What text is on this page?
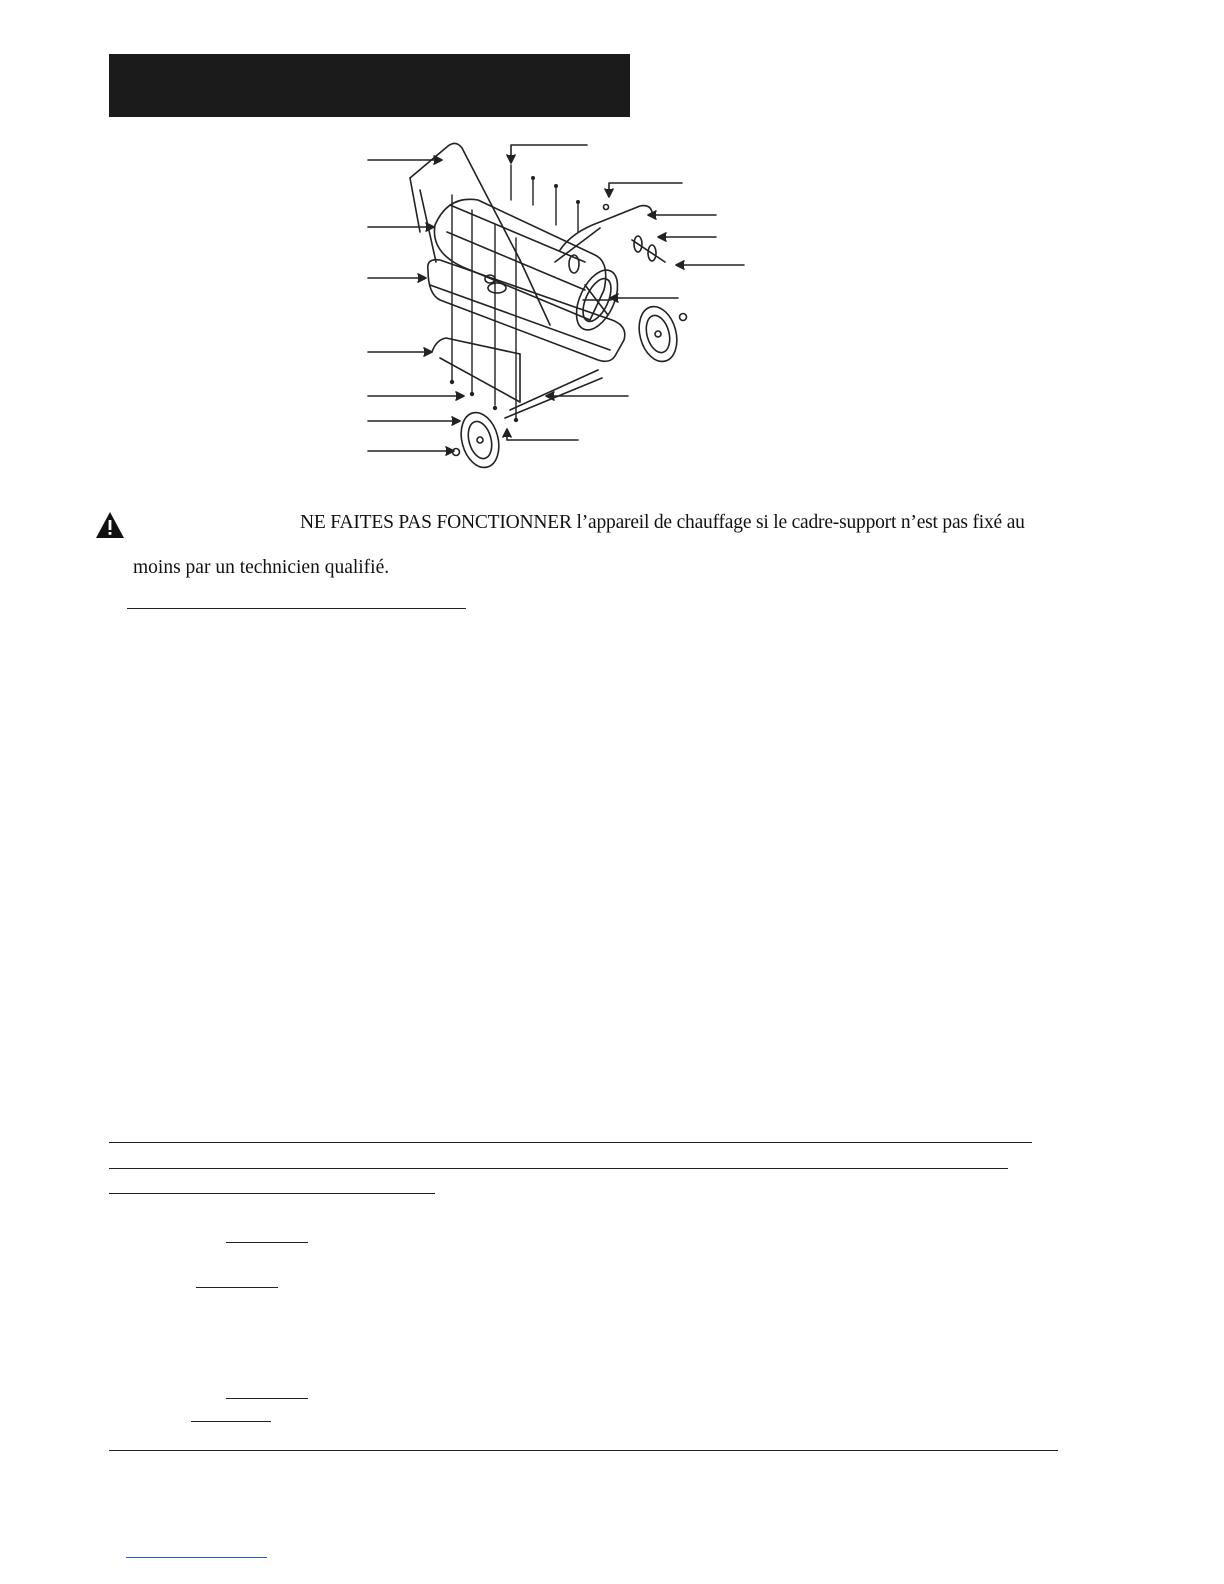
NE FAITES PAS FONCTIONNER l’appareil de chauffage si le cadre-support n’est pas fixé au
moins par un technicien qualifié.
